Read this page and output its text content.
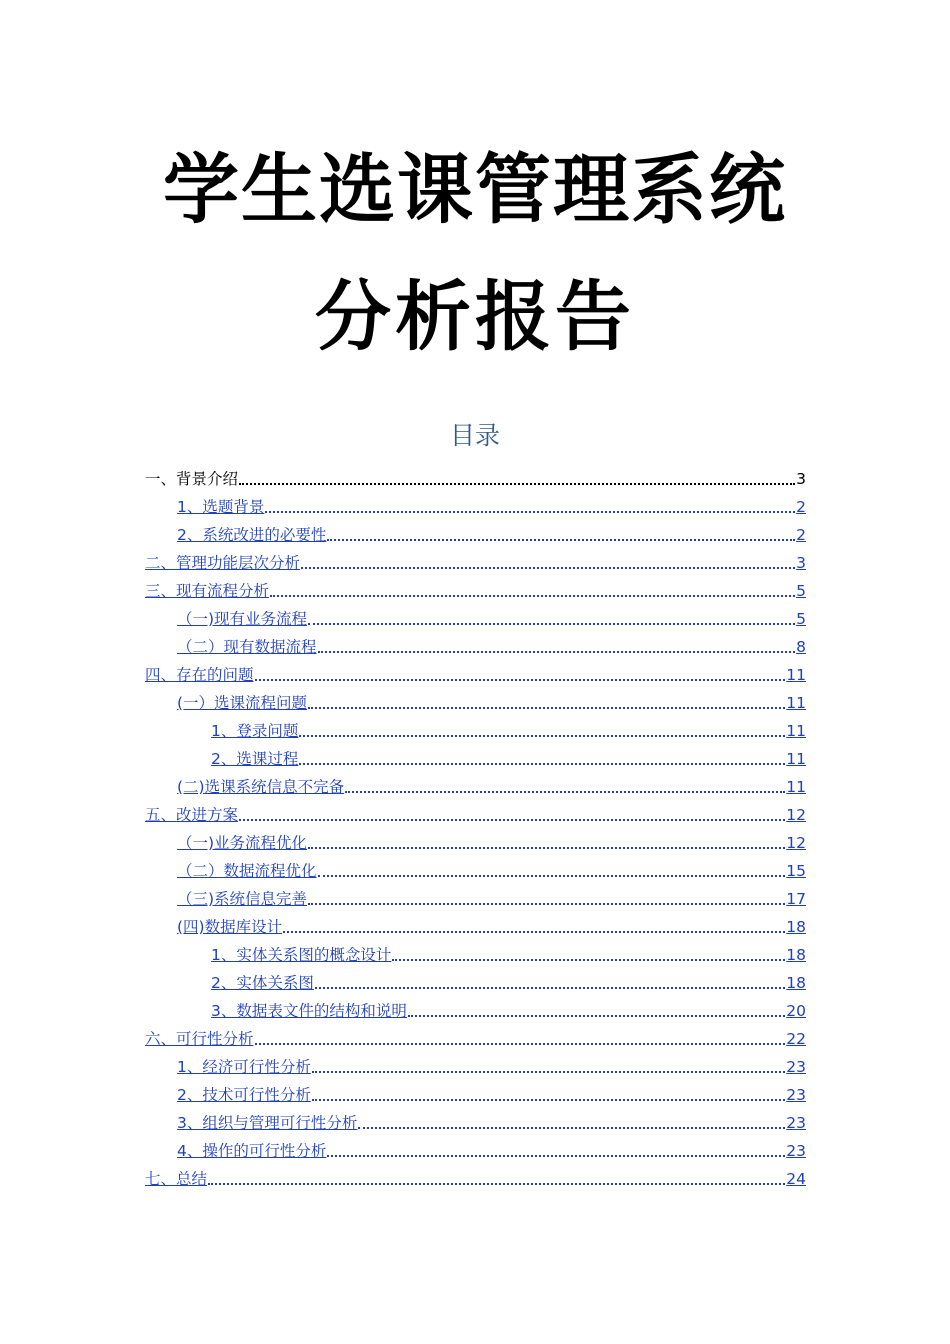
学生选课管理系统
分析报告
目录
一、背景介绍	3
1、选题背景	2
2、系统改进的必要性	2
二、管理功能层次分析	3
三、现有流程分析	5
（一)现有业务流程	5
（二）现有数据流程	8
四、存在的问题	11
(一）选课流程问题	11
1、登录问题	11
2、选课过程	11
(二)选课系统信息不完备	11
五、改进方案	12
（一)业务流程优化	12
（二）数据流程优化	15
（三)系统信息完善	17
(四)数据库设计	18
1、实体关系图的概念设计	18
2、实体关系图	18
3、数据表文件的结构和说明	20
六、可行性分析	22
1、经济可行性分析	23
2、技术可行性分析	23
3、组织与管理可行性分析	23
4、操作的可行性分析	23
七、总结	24
